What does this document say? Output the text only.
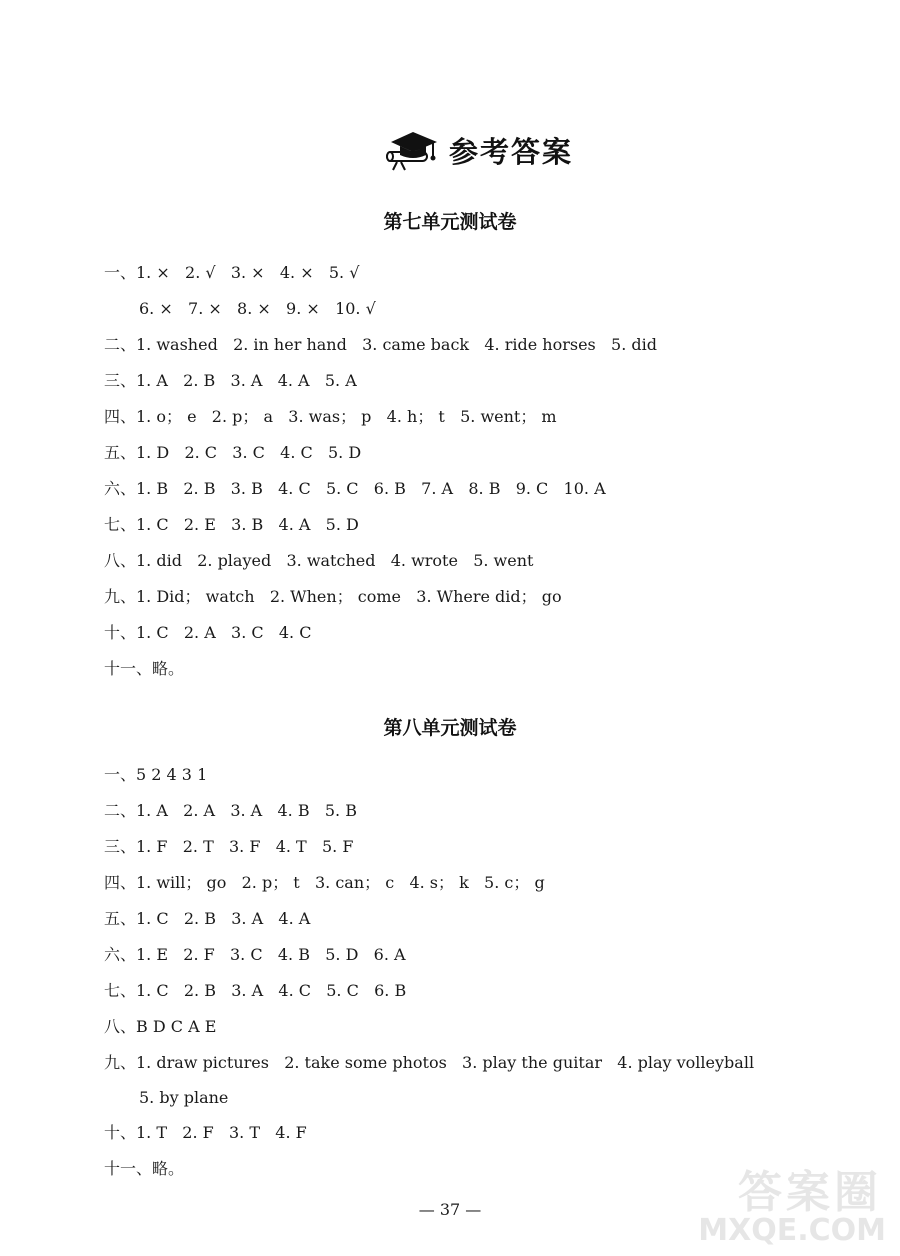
参考答案
第七单元测试卷
一、1. ×   2. √   3. ×   4. ×   5. √
6. ×   7. ×   8. ×   9. ×   10. √
二、1. washed   2. in her hand   3. came back   4. ride horses   5. did
三、1. A   2. B   3. A   4. A   5. A
四、1. o； e   2. p； a   3. was； p   4. h； t   5. went； m
五、1. D   2. C   3. C   4. C   5. D
六、1. B   2. B   3. B   4. C   5. C   6. B   7. A   8. B   9. C   10. A
七、1. C   2. E   3. B   4. A   5. D
八、1. did   2. played   3. watched   4. wrote   5. went
九、1. Did； watch   2. When； come   3. Where did； go
十、1. C   2. A   3. C   4. C
十一、略。
第八单元测试卷
一、5 2 4 3 1
二、1. A   2. A   3. A   4. B   5. B
三、1. F   2. T   3. F   4. T   5. F
四、1. will； go   2. p； t   3. can； c   4. s； k   5. c； g
五、1. C   2. B   3. A   4. A
六、1. E   2. F   3. C   4. B   5. D   6. A
七、1. C   2. B   3. A   4. C   5. C   6. B
八、B D C A E
九、1. draw pictures   2. take some photos   3. play the guitar   4. play volleyball
5. by plane
十、1. T   2. F   3. T   4. F
十一、略。
— 37 —	答案圈
MXQE.COM
